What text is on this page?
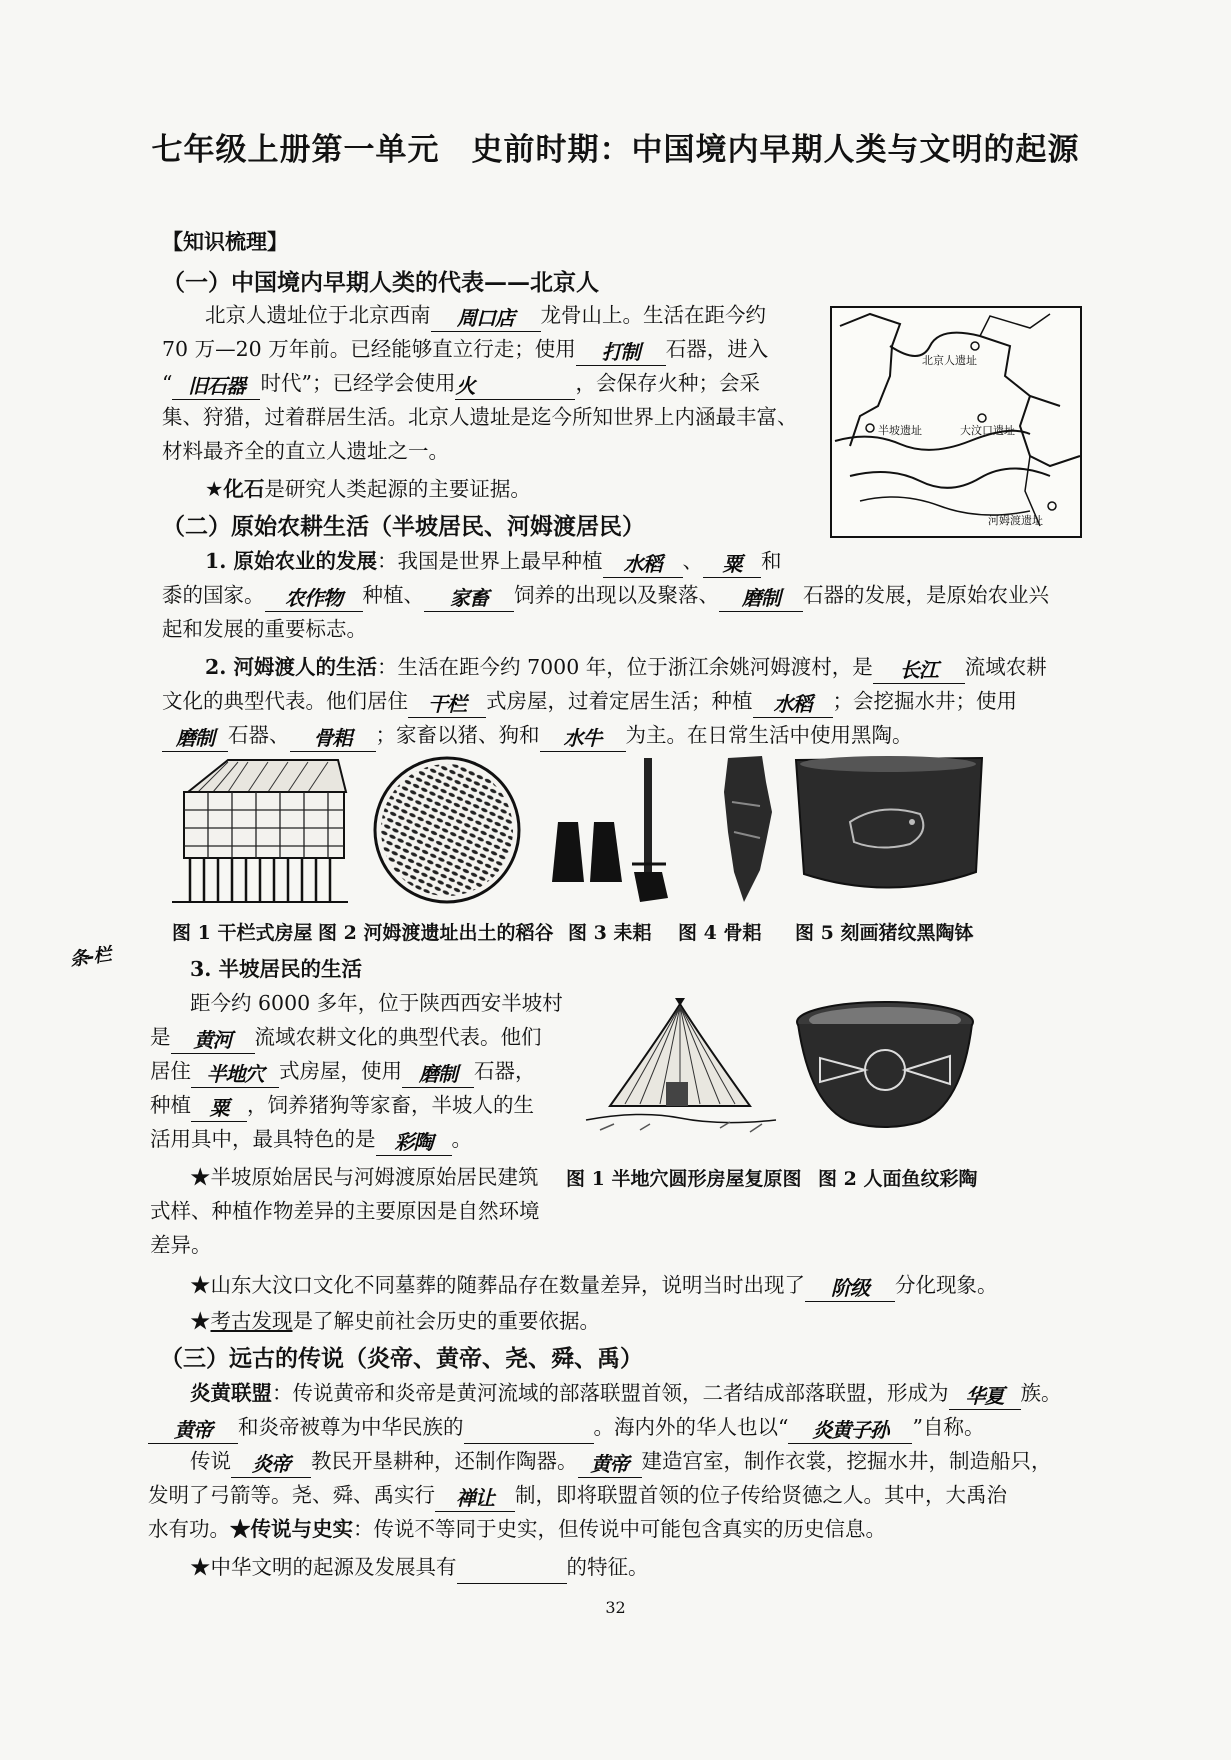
七年级上册第一单元　史前时期：中国境内早期人类与文明的起源
【知识梳理】
（一）中国境内早期人类的代表——北京人
北京人遗址位于北京西南 周口店 龙骨山上。生活在距今约
70 万—20 万年前。已经能够直立行走；使用 打制 石器，进入
“ 旧石器 时代”；已经学会使用火	，会保存火种；会采
集、狩猎，过着群居生活。北京人遗址是迄今所知世界上内涵最丰富、
材料最齐全的直立人遗址之一。
★化石是研究人类起源的主要证据。
北京人遗址
大汶口遗址
半坡遗址
河姆渡遗址
（二）原始农耕生活（半坡居民、河姆渡居民）
1. 原始农业的发展：我国是世界上最早种植 水稻 、 粟 和
黍的国家。 农作物 种植、 家畜 饲养的出现以及聚落、 磨制 石器的发展，是原始农业兴
起和发展的重要标志。
2. 河姆渡人的生活：生活在距今约 7000 年，位于浙江余姚河姆渡村，是 长江 流域农耕
文化的典型代表。他们居住 干栏 式房屋，过着定居生活；种植 水稻 ；会挖掘水井；使用
磨制 石器、 骨耜 ；家畜以猪、狗和 水牛 为主。在日常生活中使用黑陶。
条-栏
图 1 干栏式房屋 图 2 河姆渡遗址出土的稻谷 图 3 耒耜 图 4 骨耜 图 5 刻画猪纹黑陶钵
3. 半坡居民的生活
距今约 6000 多年，位于陕西西安半坡村
是 黄河 流域农耕文化的典型代表。他们
居住 半地穴 式房屋，使用 磨制 石器，
种植 粟 ，饲养猪狗等家畜，半坡人的生
活用具中，最具特色的是 彩陶 。
★半坡原始居民与河姆渡原始居民建筑
式样、种植作物差异的主要原因是自然环境
差异。
图 1 半地穴圆形房屋复原图 图 2 人面鱼纹彩陶
★山东大汶口文化不同墓葬的随葬品存在数量差异，说明当时出现了 阶级 分化现象。
★考古发现是了解史前社会历史的重要依据。
（三）远古的传说（炎帝、黄帝、尧、舜、禹）
炎黄联盟：传说黄帝和炎帝是黄河流域的部落联盟首领，二者结成部落联盟，形成为 华夏 族。
黄帝 和炎帝被尊为中华民族的	。海内外的华人也以“ 炎黄子孙 ”自称。
传说 炎帝 教民开垦耕种，还制作陶器。 黄帝 建造宫室，制作衣裳，挖掘水井，制造船只，
发明了弓箭等。尧、舜、禹实行 禅让 制，即将联盟首领的位子传给贤德之人。其中，大禹治
水有功。★传说与史实：传说不等同于史实，但传说中可能包含真实的历史信息。
★中华文明的起源及发展具有	的特征。
32
